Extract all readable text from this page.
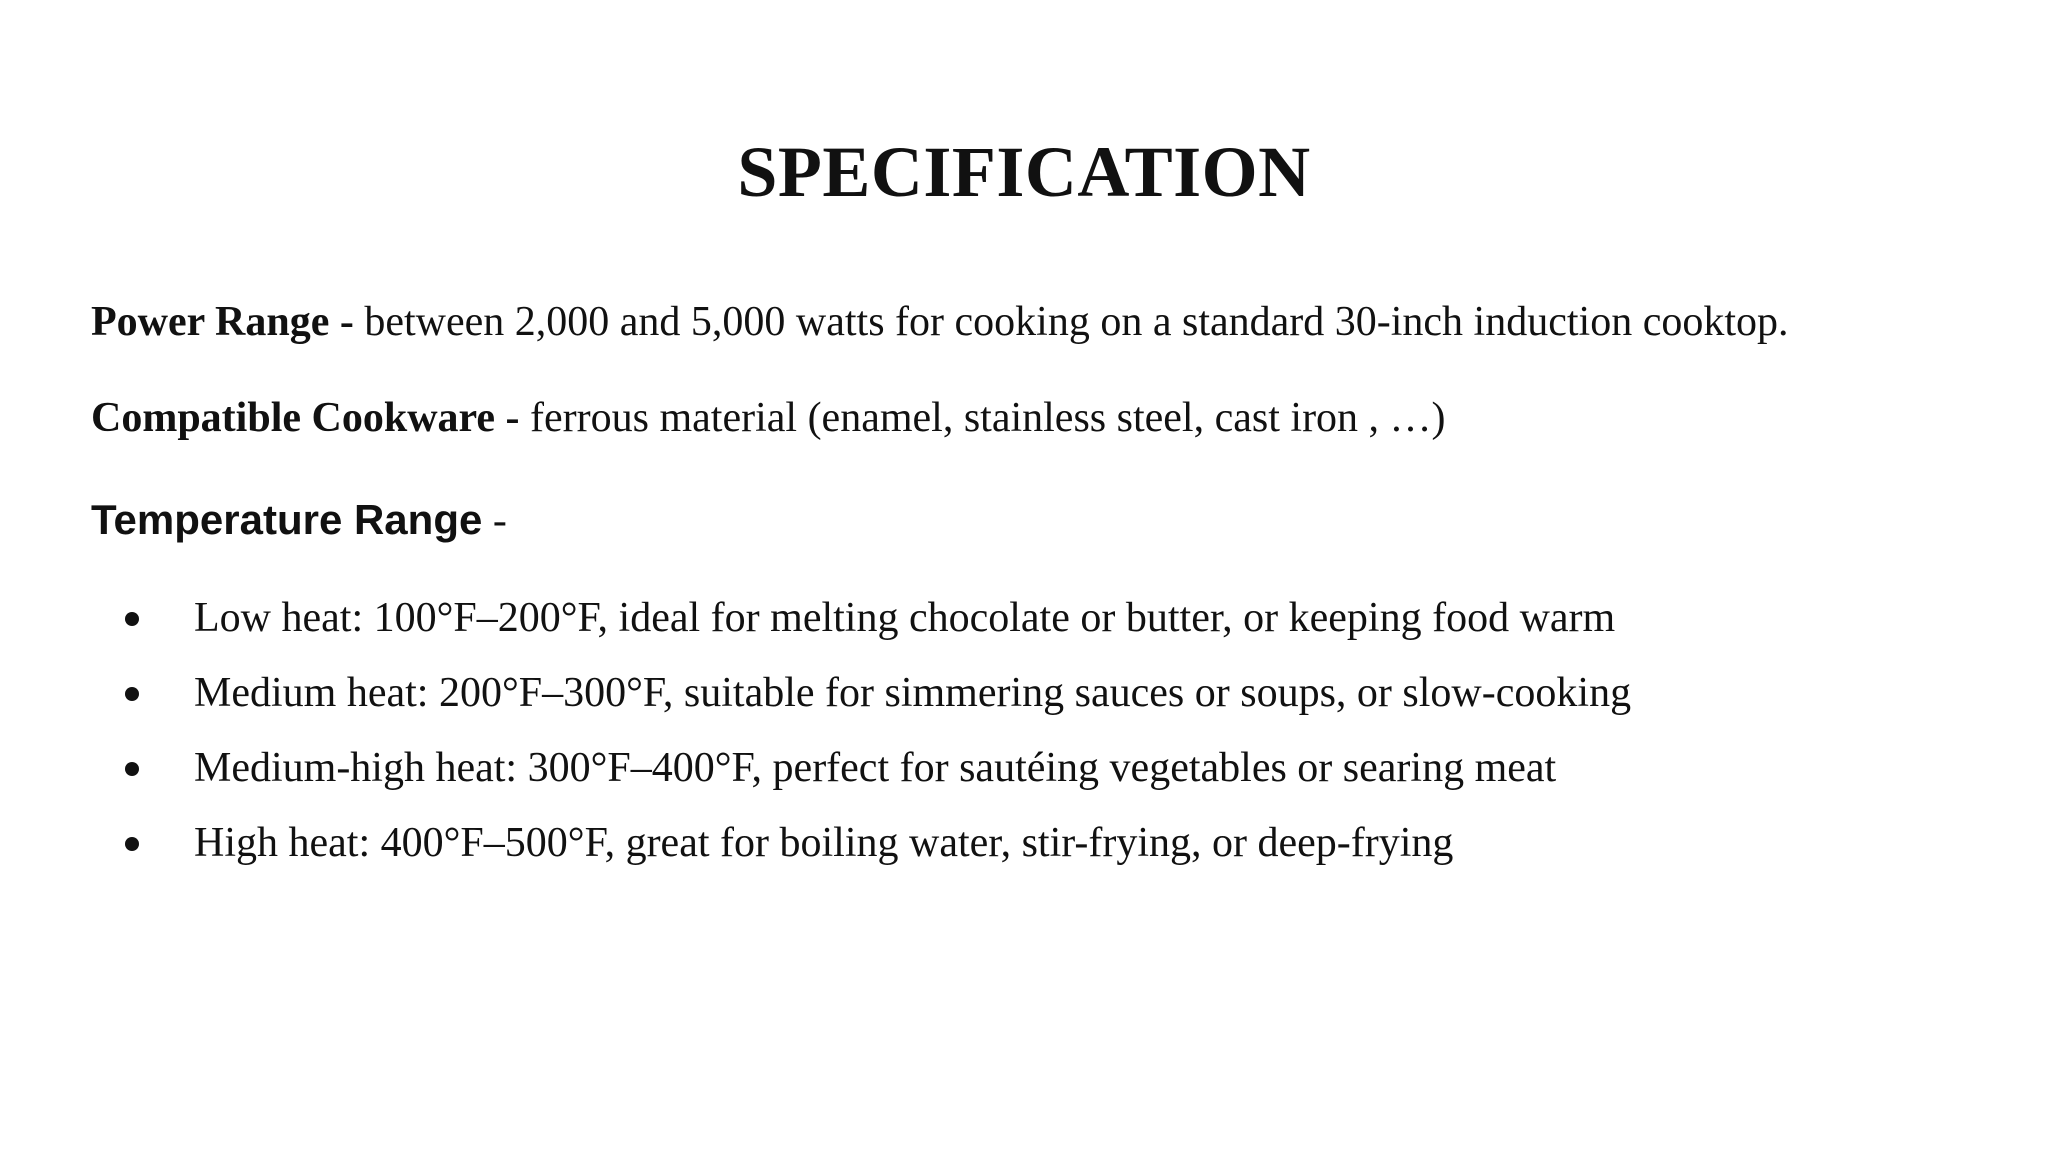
SPECIFICATION

Power Range - between 2,000 and 5,000 watts for cooking on a standard 30-inch induction cooktop.

Compatible Cookware - ferrous material (enamel, stainless steel, cast iron , …)

Temperature Range -

Low heat: 100°F–200°F, ideal for melting chocolate or butter, or keeping food warm
Medium heat: 200°F–300°F, suitable for simmering sauces or soups, or slow-cooking
Medium-high heat: 300°F–400°F, perfect for sautéing vegetables or searing meat
High heat: 400°F–500°F, great for boiling water, stir-frying, or deep-frying
